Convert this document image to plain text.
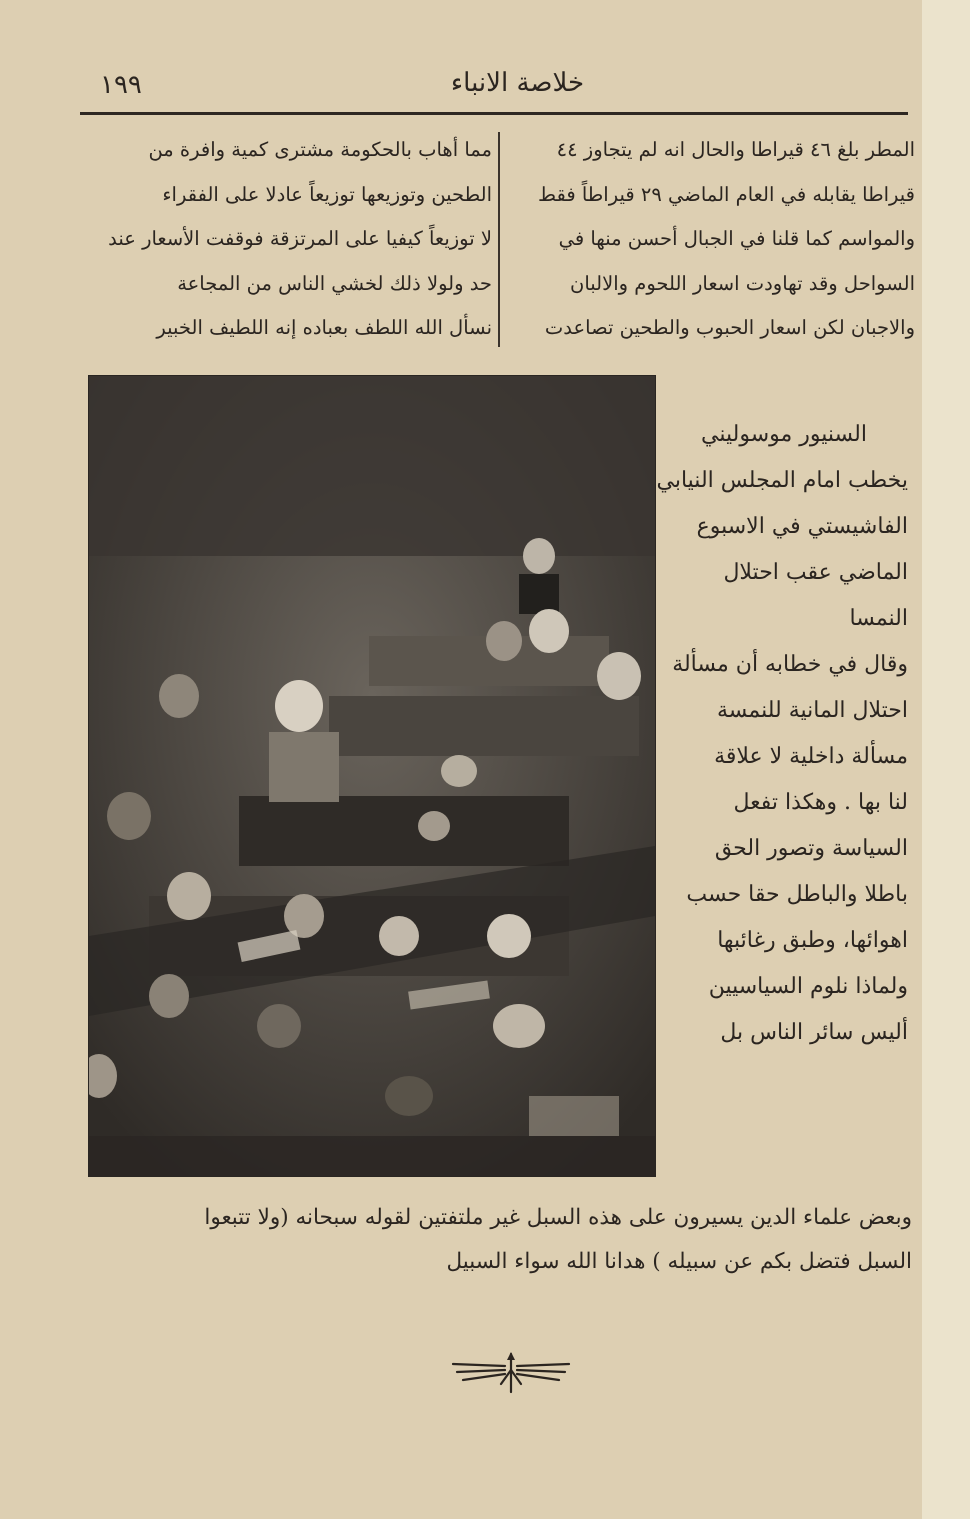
١٩٩	خلاصة الانباء
المطر بلغ ٤٦ قيراطا والحال انه لم يتجاوز ٤٤
قيراطا يقابله في العام الماضي ٢٩ قيراطاً فقط
والمواسم كما قلنا في الجبال أحسن منها في
السواحل وقد تهاودت اسعار اللحوم والالبان
والاجبان لكن اسعار الحبوب والطحين تصاعدت
مما أهاب بالحكومة مشترى كمية وافرة من
الطحين وتوزيعها توزيعاً عادلا على الفقراء
لا توزيعاً كيفيا على المرتزقة فوقفت الأسعار عند
حد ولولا ذلك لخشي الناس من المجاعة
نسأل الله اللطف بعباده إنه اللطيف الخبير
السنيور موسوليني
يخطب امام المجلس النيابي
الفاشيستي في الاسبوع
الماضي عقب احتلال
النمسا
وقال في خطابه أن مسألة
احتلال المانية للنمسة
مسألة داخلية لا علاقة
لنا بها . وهكذا تفعل
السياسة وتصور الحق
باطلا والباطل حقا حسب
اهوائها، وطبق رغائبها
ولماذا نلوم السياسيين
أليس سائر الناس بل
وبعض علماء الدين يسيرون على هذه السبل غير ملتفتين لقوله سبحانه (ولا تتبعوا
السبل فتضل بكم عن سبيله ) هدانا الله سواء السبيل
